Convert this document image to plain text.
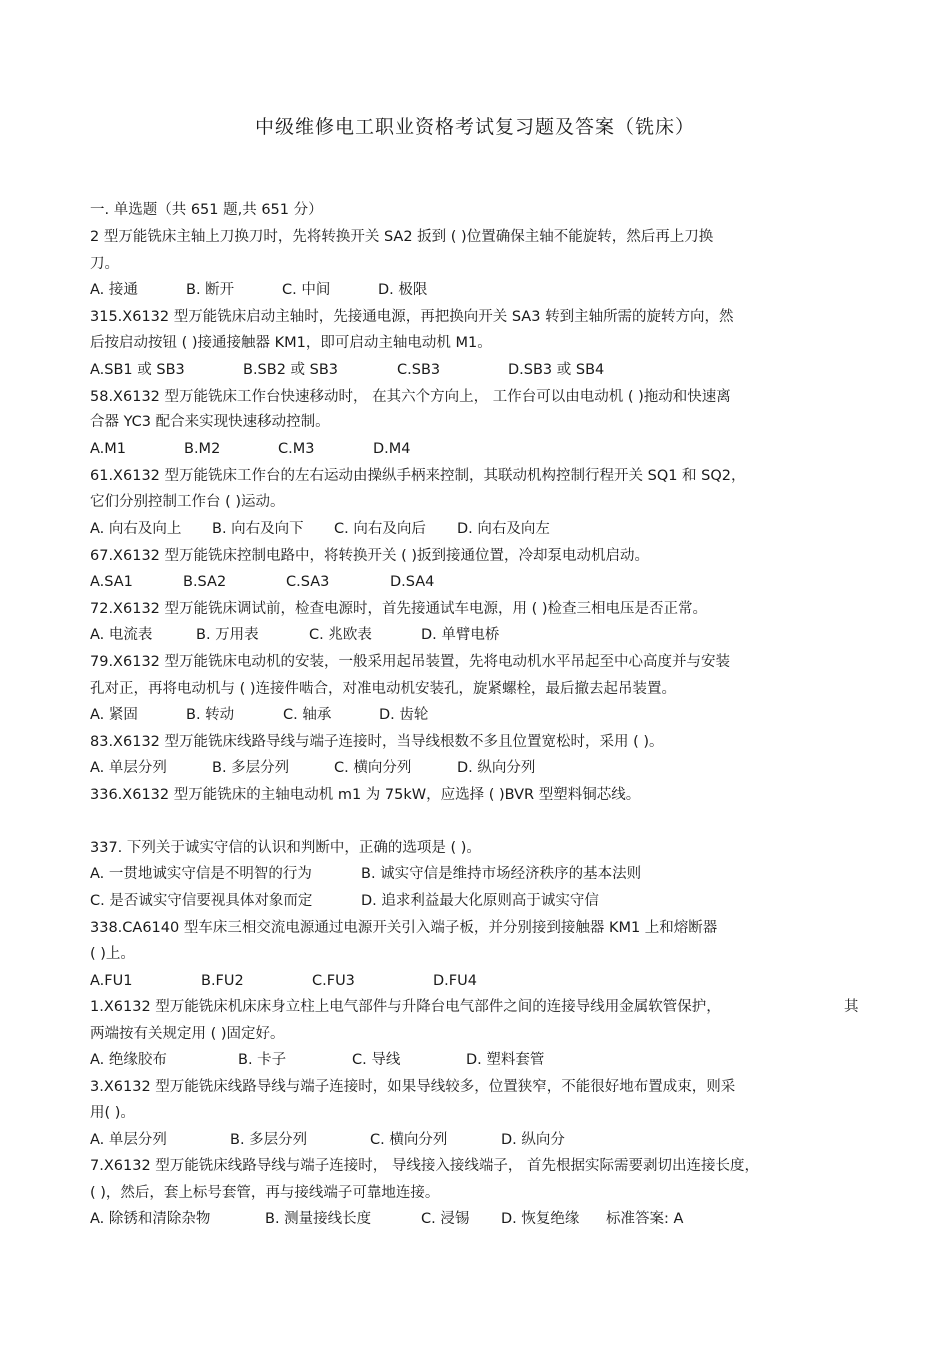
中级维修电工职业资格考试复习题及答案（铣床）
一. 单选题（共 651 题,共 651 分）
2 型万能铣床主轴上刀换刀时，先将转换开关 SA2 扳到 ( )位置确保主轴不能旋转，然后再上刀换
刀。
A. 接通	B. 断开	C. 中间	D. 极限
315.X6132 型万能铣床启动主轴时，先接通电源，再把换向开关 SA3 转到主轴所需的旋转方向，然
后按启动按钮 ( )接通接触器 KM1，即可启动主轴电动机 M1。
A.SB1 或 SB3	B.SB2 或 SB3	C.SB3	D.SB3 或 SB4
58.X6132 型万能铣床工作台快速移动时， 在其六个方向上， 工作台可以由电动机 ( )拖动和快速离
合器 YC3 配合来实现快速移动控制。
A.M1	B.M2	C.M3	D.M4
61.X6132 型万能铣床工作台的左右运动由操纵手柄来控制，其联动机构控制行程开关 SQ1 和 SQ2，
它们分别控制工作台 ( )运动。
A. 向右及向上 B. 向右及向下 C. 向右及向后 D. 向右及向左
67.X6132 型万能铣床控制电路中，将转换开关 ( )扳到接通位置，冷却泵电动机启动。
A.SA1	B.SA2	C.SA3	D.SA4
72.X6132 型万能铣床调试前，检查电源时，首先接通试车电源，用 ( )检查三相电压是否正常。
A. 电流表	B. 万用表	C. 兆欧表	D. 单臂电桥
79.X6132 型万能铣床电动机的安装，一般采用起吊装置，先将电动机水平吊起至中心高度并与安装
孔对正，再将电动机与 ( )连接件啮合，对准电动机安装孔，旋紧螺栓，最后撤去起吊装置。
A. 紧固	B. 转动	C. 轴承	D. 齿轮
83.X6132 型万能铣床线路导线与端子连接时，当导线根数不多且位置宽松时，采用 ( )。
A. 单层分列	B. 多层分列	C. 横向分列	D. 纵向分列
336.X6132 型万能铣床的主轴电动机 m1 为 75kW，应选择 ( )BVR 型塑料铜芯线。
337. 下列关于诚实守信的认识和判断中，正确的选项是 ( )。
A. 一贯地诚实守信是不明智的行为	B. 诚实守信是维持市场经济秩序的基本法则
C. 是否诚实守信要视具体对象而定	D. 追求利益最大化原则高于诚实守信
338.CA6140 型车床三相交流电源通过电源开关引入端子板，并分别接到接触器 KM1 上和熔断器
( )上。
A.FU1	B.FU2	C.FU3	D.FU4
1.X6132 型万能铣床机床床身立柱上电气部件与升降台电气部件之间的连接导线用金属软管保护，	其
两端按有关规定用 ( )固定好。
A. 绝缘胶布	B. 卡子	C. 导线	D. 塑料套管
3.X6132 型万能铣床线路导线与端子连接时，如果导线较多，位置狭窄，不能很好地布置成束，则采
用( )。
A. 单层分列	B. 多层分列	C. 横向分列	D. 纵向分
7.X6132 型万能铣床线路导线与端子连接时， 导线接入接线端子， 首先根据实际需要剥切出连接长度，
( )，然后，套上标号套管，再与接线端子可靠地连接。
A. 除锈和清除杂物	B. 测量接线长度	C. 浸锡 D. 恢复绝缘 标准答案: A
